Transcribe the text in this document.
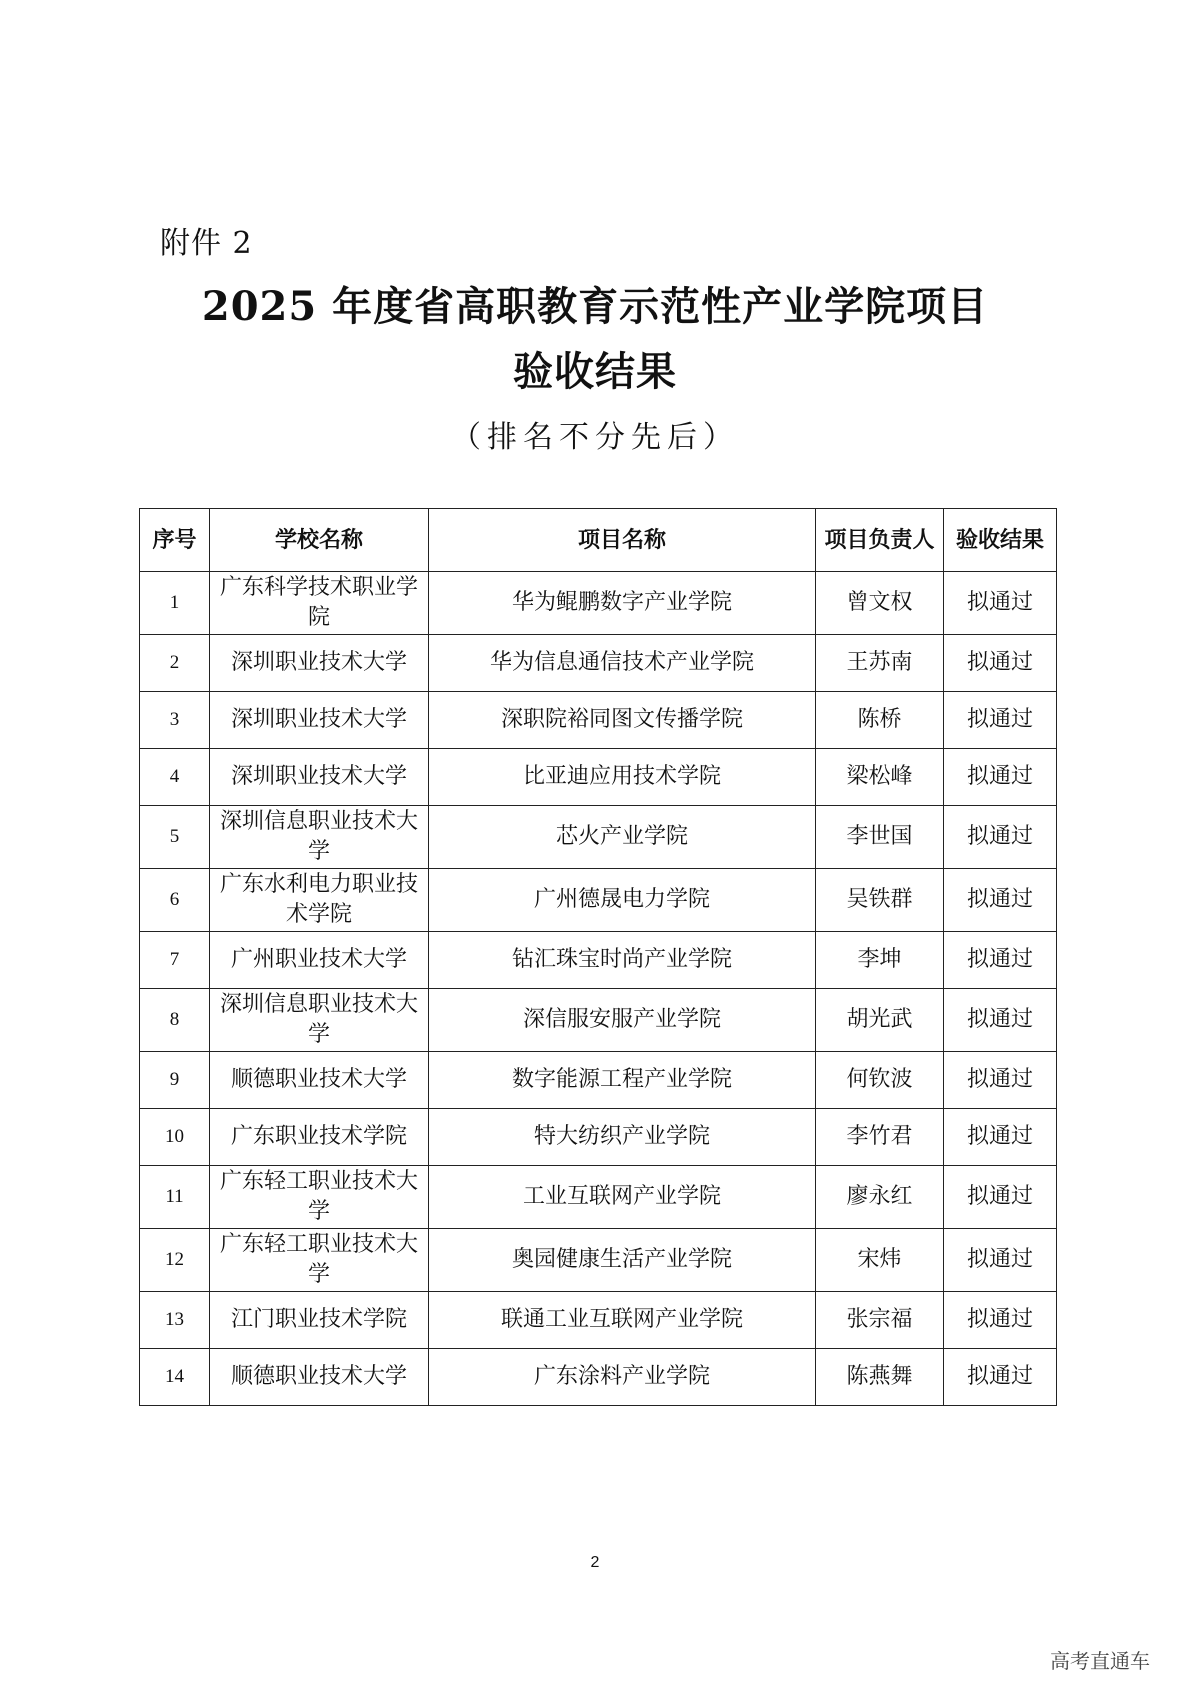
附件 2
2025 年度省高职教育示范性产业学院项目
验收结果
（排名不分先后）
序号	学校名称	项目名称	项目负责人	验收结果
1	广东科学技术职业学院	华为鲲鹏数字产业学院	曾文权	拟通过
2	深圳职业技术大学	华为信息通信技术产业学院	王苏南	拟通过
3	深圳职业技术大学	深职院裕同图文传播学院	陈桥	拟通过
4	深圳职业技术大学	比亚迪应用技术学院	梁松峰	拟通过
5	深圳信息职业技术大学	芯火产业学院	李世国	拟通过
6	广东水利电力职业技术学院	广州德晟电力学院	吴铁群	拟通过
7	广州职业技术大学	钻汇珠宝时尚产业学院	李坤	拟通过
8	深圳信息职业技术大学	深信服安服产业学院	胡光武	拟通过
9	顺德职业技术大学	数字能源工程产业学院	何钦波	拟通过
10	广东职业技术学院	特大纺织产业学院	李竹君	拟通过
11	广东轻工职业技术大学	工业互联网产业学院	廖永红	拟通过
12	广东轻工职业技术大学	奥园健康生活产业学院	宋炜	拟通过
13	江门职业技术学院	联通工业互联网产业学院	张宗福	拟通过
14	顺德职业技术大学	广东涂料产业学院	陈燕舞	拟通过
2
高考直通车
